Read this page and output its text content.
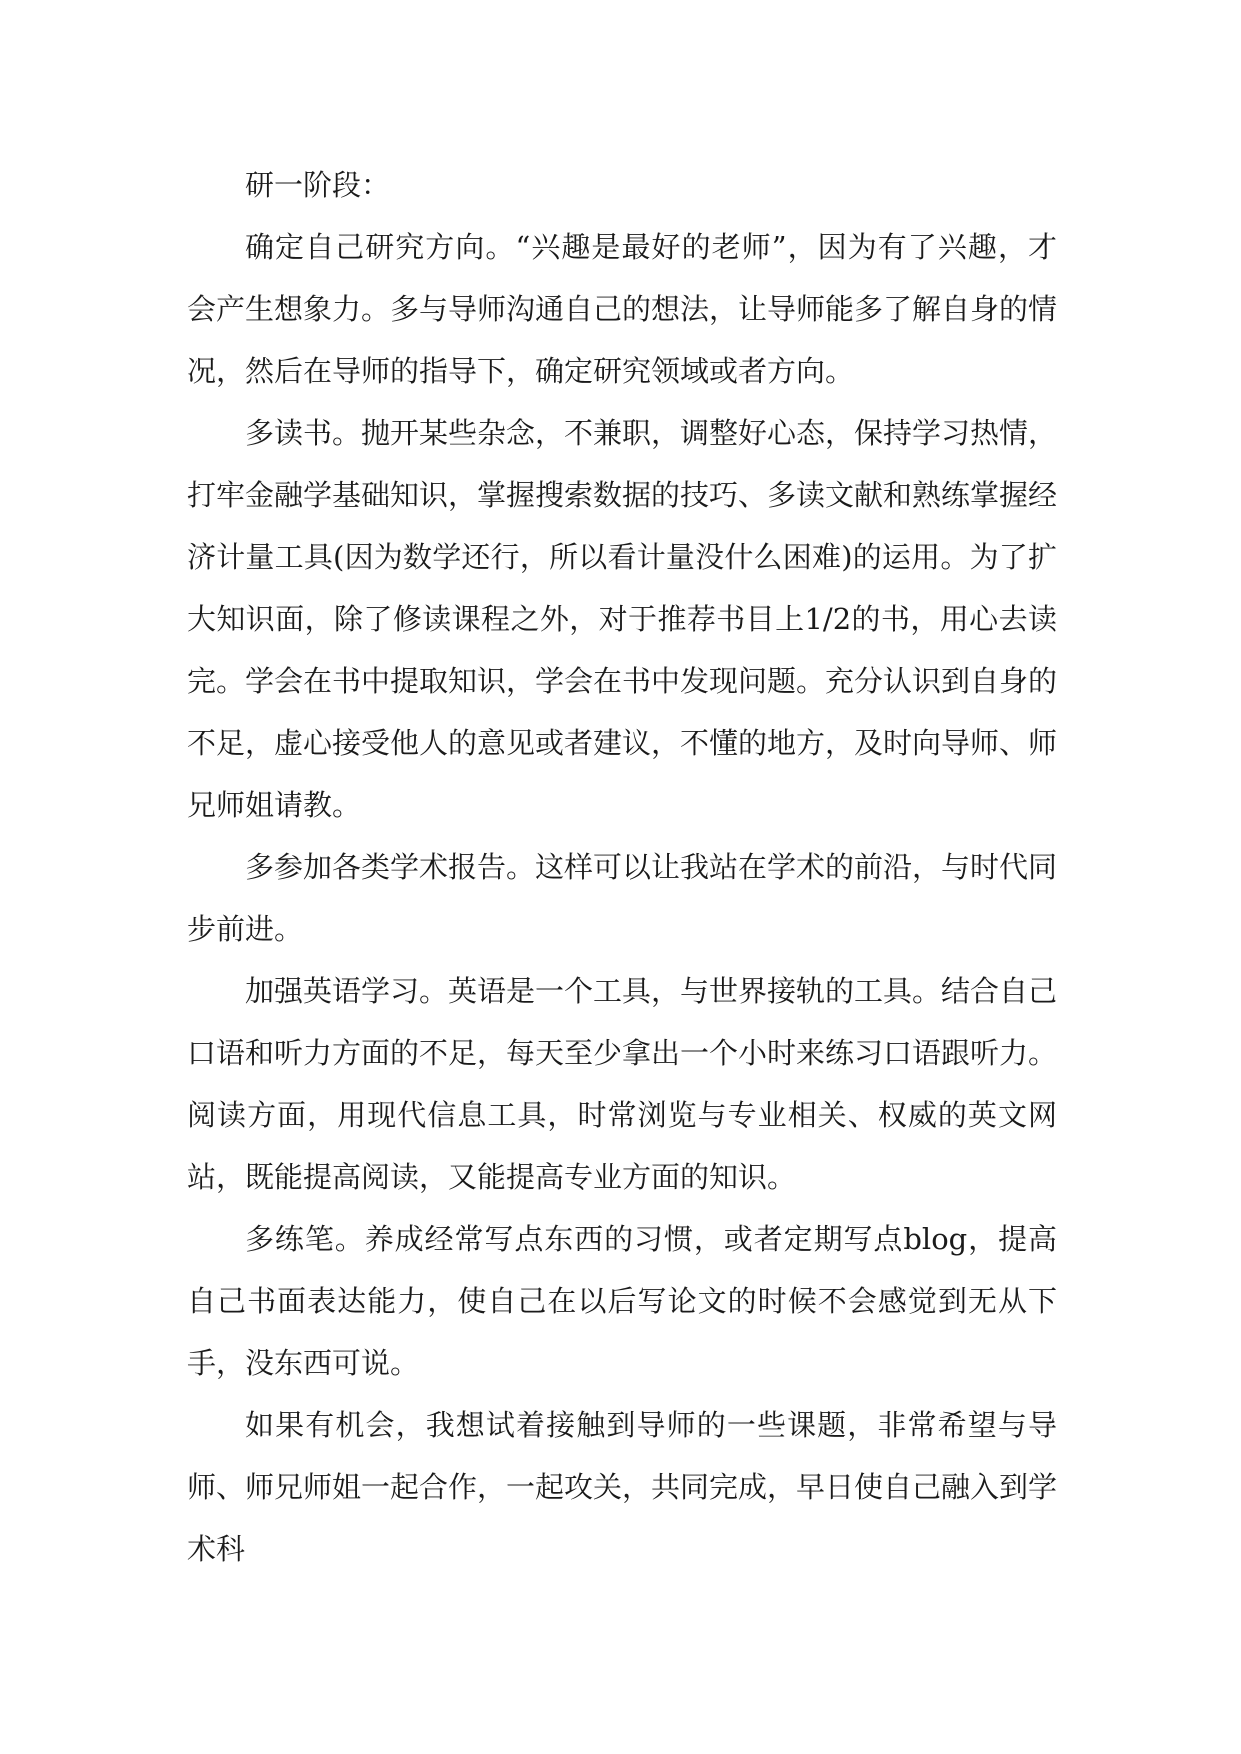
研一阶段：

确定自己研究方向。“兴趣是最好的老师”，因为有了兴趣，才会产生想象力。多与导师沟通自己的想法，让导师能多了解自身的情况，然后在导师的指导下，确定研究领域或者方向。

多读书。抛开某些杂念，不兼职，调整好心态，保持学习热情，打牢金融学基础知识，掌握搜索数据的技巧、多读文献和熟练掌握经济计量工具(因为数学还行，所以看计量没什么困难)的运用。为了扩大知识面，除了修读课程之外，对于推荐书目上1/2的书，用心去读完。学会在书中提取知识，学会在书中发现问题。充分认识到自身的不足，虚心接受他人的意见或者建议，不懂的地方，及时向导师、师兄师姐请教。

多参加各类学术报告。这样可以让我站在学术的前沿，与时代同步前进。

加强英语学习。英语是一个工具，与世界接轨的工具。结合自己口语和听力方面的不足，每天至少拿出一个小时来练习口语跟听力。阅读方面，用现代信息工具，时常浏览与专业相关、权威的英文网站，既能提高阅读，又能提高专业方面的知识。

多练笔。养成经常写点东西的习惯，或者定期写点blog，提高自己书面表达能力，使自己在以后写论文的时候不会感觉到无从下手，没东西可说。

如果有机会，我想试着接触到导师的一些课题，非常希望与导师、师兄师姐一起合作，一起攻关，共同完成，早日使自己融入到学术科
